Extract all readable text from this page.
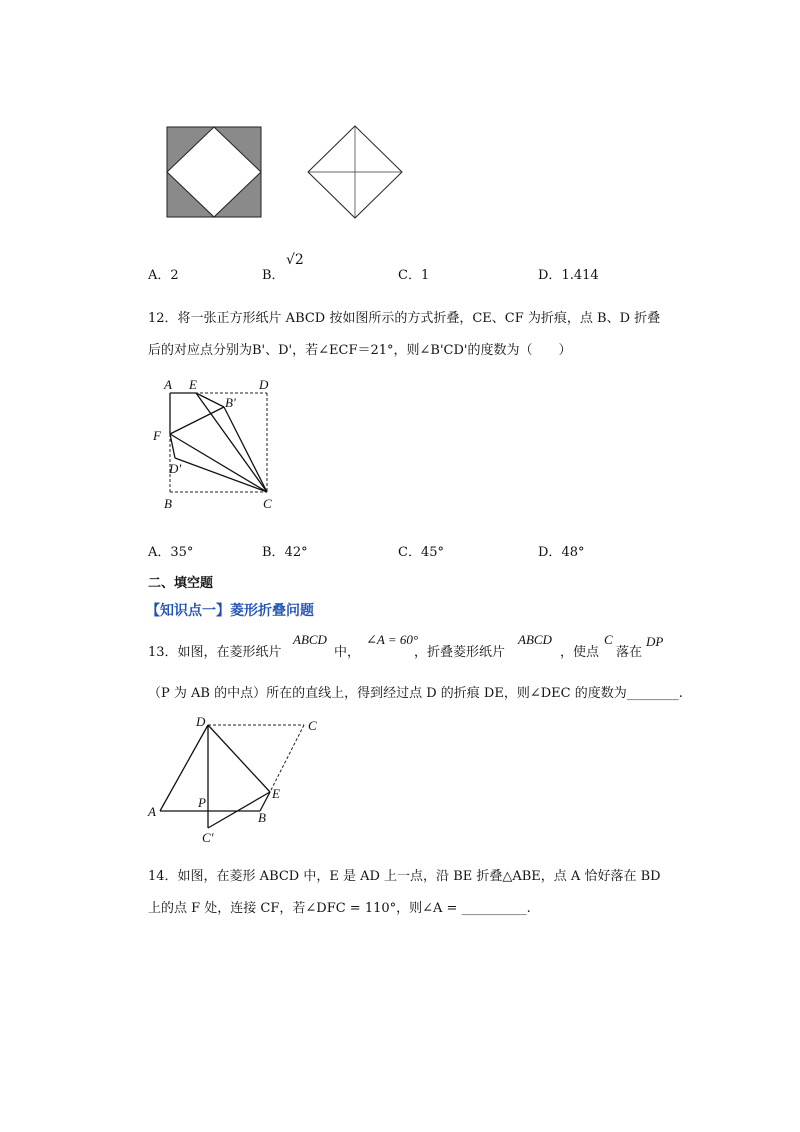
A．2	B．
√2
C．1	D．1.414
12．将一张正方形纸片 ABCD 按如图所示的方式折叠，CE、CF 为折痕，点 B、D 折叠
后的对应点分别为B'、D'，若∠ECF＝21°，则∠B'CD'的度数为（　　）
A E	D
B'
F
D'
B	C
A．35°	B．42°	C．45°	D．48°
二、填空题
【知识点一】菱形折叠问题
13．如图，在菱形纸片
ABCD
中，
∠A = 60°
，折叠菱形纸片
ABCD
，使点
C
落在
DP
（P 为 AB 的中点）所在的直线上，得到经过点 D 的折痕 DE，则∠DEC 的度数为________.
D	C
P
E
A	B
C'
14．如图，在菱形 ABCD 中，E 是 AD 上一点，沿 BE 折叠△ABE，点 A 恰好落在 BD
上的点 F 处，连接 CF，若∠DFC = 110°，则∠A = __________.
